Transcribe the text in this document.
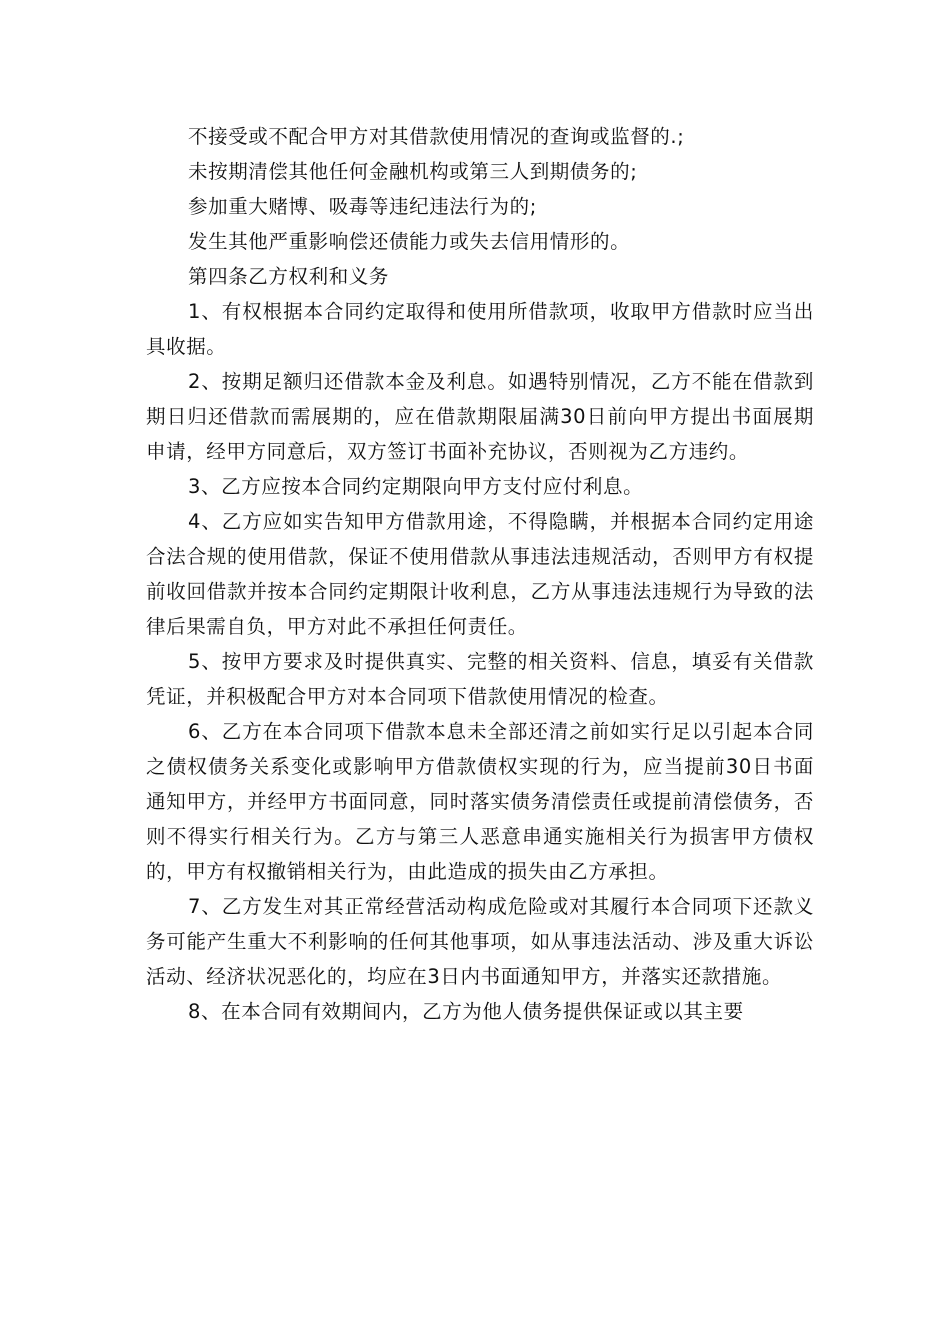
不接受或不配合甲方对其借款使用情况的查询或监督的.;

未按期清偿其他任何金融机构或第三人到期债务的;

参加重大赌博、吸毒等违纪违法行为的;

发生其他严重影响偿还债能力或失去信用情形的。

第四条乙方权利和义务

1、有权根据本合同约定取得和使用所借款项，收取甲方借款时应当出具收据。

2、按期足额归还借款本金及利息。如遇特别情况，乙方不能在借款到期日归还借款而需展期的，应在借款期限届满30日前向甲方提出书面展期申请，经甲方同意后，双方签订书面补充协议，否则视为乙方违约。

3、乙方应按本合同约定期限向甲方支付应付利息。

4、乙方应如实告知甲方借款用途，不得隐瞒，并根据本合同约定用途合法合规的使用借款，保证不使用借款从事违法违规活动，否则甲方有权提前收回借款并按本合同约定期限计收利息，乙方从事违法违规行为导致的法律后果需自负，甲方对此不承担任何责任。

5、按甲方要求及时提供真实、完整的相关资料、信息，填妥有关借款凭证，并积极配合甲方对本合同项下借款使用情况的检查。

6、乙方在本合同项下借款本息未全部还清之前如实行足以引起本合同之债权债务关系变化或影响甲方借款债权实现的行为，应当提前30日书面通知甲方，并经甲方书面同意，同时落实债务清偿责任或提前清偿债务，否则不得实行相关行为。乙方与第三人恶意串通实施相关行为损害甲方债权的，甲方有权撤销相关行为，由此造成的损失由乙方承担。

7、乙方发生对其正常经营活动构成危险或对其履行本合同项下还款义务可能产生重大不利影响的任何其他事项，如从事违法活动、涉及重大诉讼活动、经济状况恶化的，均应在3日内书面通知甲方，并落实还款措施。

8、在本合同有效期间内，乙方为他人债务提供保证或以其主要
